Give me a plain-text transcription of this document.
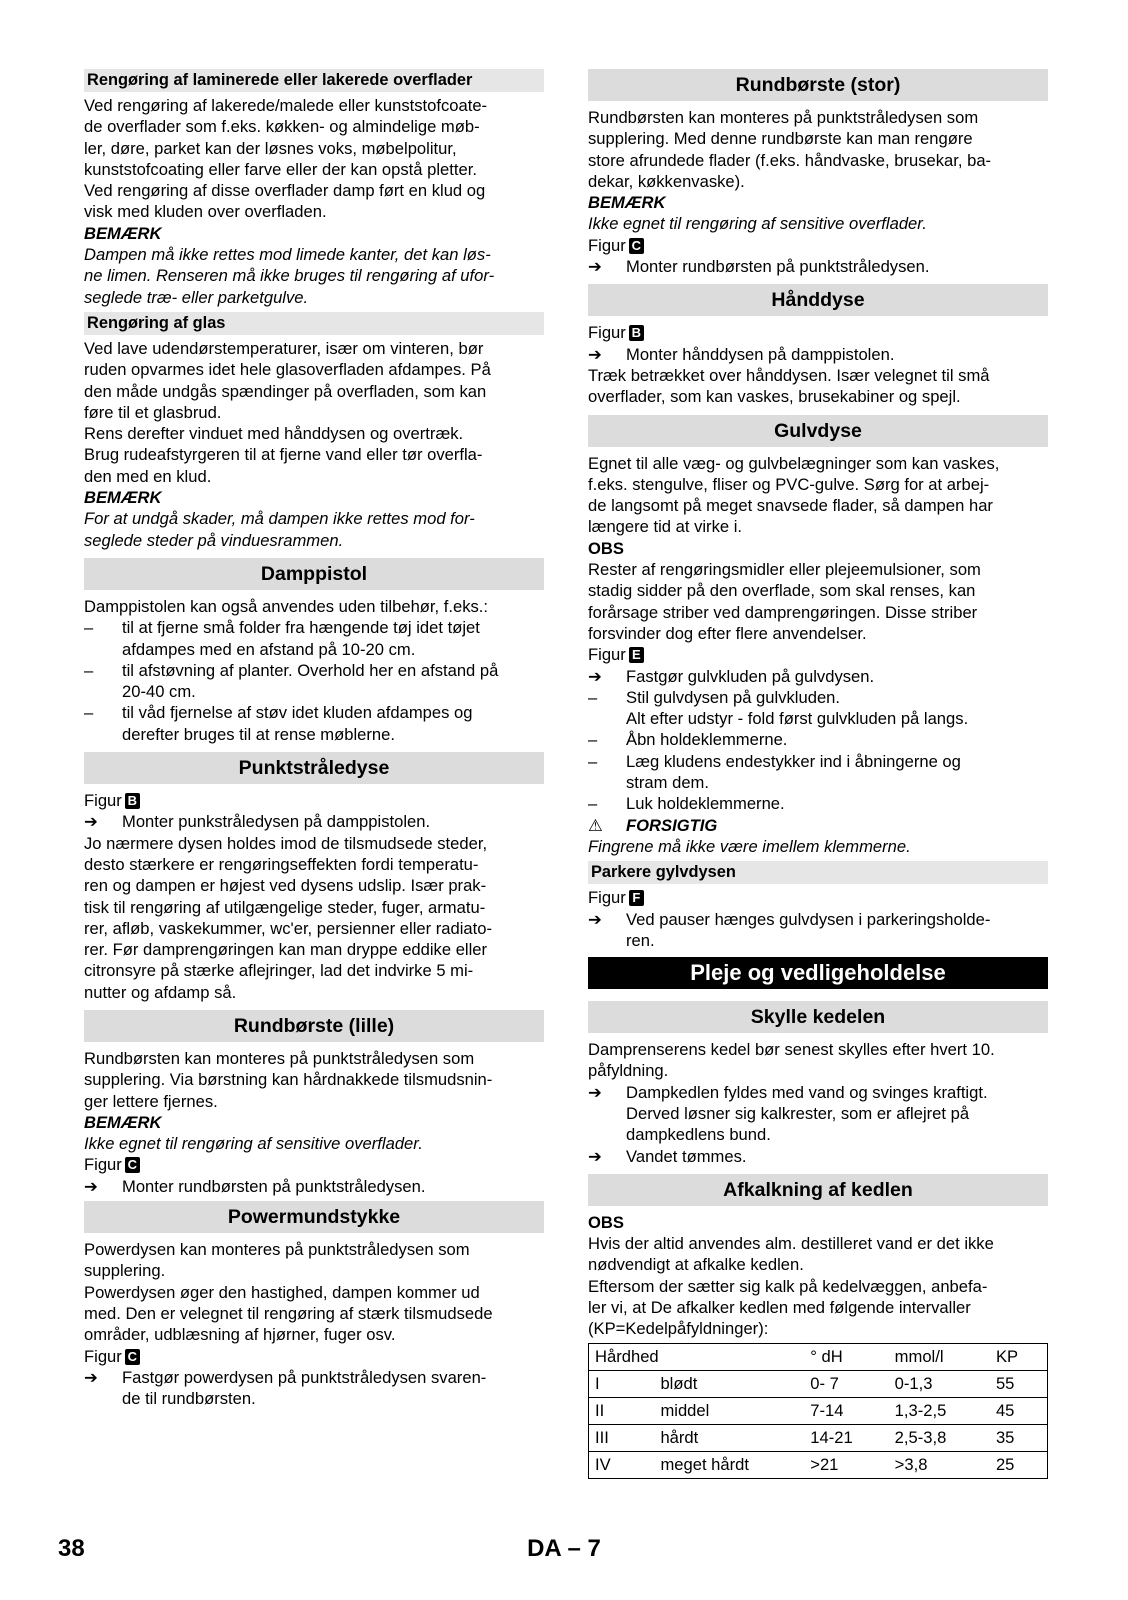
Rengøring af laminerede eller lakerede overflader
Ved rengøring af lakerede/malede eller kunststofcoate-
de overflader som f.eks. køkken- og almindelige møb-
ler, døre, parket kan der løsnes voks, møbelpolitur,
kunststofcoating eller farve eller der kan opstå pletter.
Ved rengøring af disse overflader damp ført en klud og
visk med kluden over overfladen.
BEMÆRK
Dampen må ikke rettes mod limede kanter, det kan løs-
ne limen. Renseren må ikke bruges til rengøring af ufor-
seglede træ- eller parketgulve.
Rengøring af glas
Ved lave udendørstemperaturer, især om vinteren, bør
ruden opvarmes idet hele glasoverfladen afdampes. På
den måde undgås spændinger på overfladen, som kan
føre til et glasbrud.
Rens derefter vinduet med hånddysen og overtræk.
Brug rudeafstyrgeren til at fjerne vand eller tør overfla-
den med en klud.
BEMÆRK
For at undgå skader, må dampen ikke rettes mod for-
seglede steder på vinduesrammen.
Damppistol
Damppistolen kan også anvendes uden tilbehør, f.eks.:
–	til at fjerne små folder fra hængende tøj idet tøjet
afdampes med en afstand på 10-20 cm.
–	til afstøvning af planter. Overhold her en afstand på
20-40 cm.
–	til våd fjernelse af støv idet kluden afdampes og
derefter bruges til at rense møblerne.
Punktstråledyse
Figur B
➔	Monter punkstråledysen på damppistolen.
Jo nærmere dysen holdes imod de tilsmudsede steder,
desto stærkere er rengøringseffekten fordi temperatu-
ren og dampen er højest ved dysens udslip. Især prak-
tisk til rengøring af utilgængelige steder, fuger, armatu-
rer, afløb, vaskekummer, wc'er, persienner eller radiato-
rer. Før damprengøringen kan man dryppe eddike eller
citronsyre på stærke aflejringer, lad det indvirke 5 mi-
nutter og afdamp så.
Rundbørste (lille)
Rundbørsten kan monteres på punktstråledysen som
supplering. Via børstning kan hårdnakkede tilsmudsnin-
ger lettere fjernes.
BEMÆRK
Ikke egnet til rengøring af sensitive overflader.
Figur C
➔	Monter rundbørsten på punktstråledysen.
Powermundstykke
Powerdysen kan monteres på punktstråledysen som
supplering.
Powerdysen øger den hastighed, dampen kommer ud
med. Den er velegnet til rengøring af stærk tilsmudsede
områder, udblæsning af hjørner, fuger osv.
Figur C
➔	Fastgør powerdysen på punktstråledysen svaren-
de til rundbørsten.
Rundbørste (stor)
Rundbørsten kan monteres på punktstråledysen som
supplering. Med denne rundbørste kan man rengøre
store afrundede flader (f.eks. håndvaske, brusekar, ba-
dekar, køkkenvaske).
BEMÆRK
Ikke egnet til rengøring af sensitive overflader.
Figur C
➔	Monter rundbørsten på punktstråledysen.
Hånddyse
Figur B
➔	Monter hånddysen på damppistolen.
Træk betrækket over hånddysen. Især velegnet til små
overflader, som kan vaskes, brusekabiner og spejl.
Gulvdyse
Egnet til alle væg- og gulvbelægninger som kan vaskes,
f.eks. stengulve, fliser og PVC-gulve. Sørg for at arbej-
de langsomt på meget snavsede flader, så dampen har
længere tid at virke i.
OBS
Rester af rengøringsmidler eller plejeemulsioner, som
stadig sidder på den overflade, som skal renses, kan
forårsage striber ved damprengøringen. Disse striber
forsvinder dog efter flere anvendelser.
Figur E
➔	Fastgør gulvkluden på gulvdysen.
–	Stil gulvdysen på gulvkluden.
Alt efter udstyr - fold først gulvkluden på langs.
–	Åbn holdeklemmerne.
–	Læg kludens endestykker ind i åbningerne og
stram dem.
–	Luk holdeklemmerne.
⚠	FORSIGTIG
Fingrene må ikke være imellem klemmerne.
Parkere gylvdysen
Figur F
➔	Ved pauser hænges gulvdysen i parkeringsholde-
ren.
Pleje og vedligeholdelse
Skylle kedelen
Damprenserens kedel bør senest skylles efter hvert 10.
påfyldning.
➔	Dampkedlen fyldes med vand og svinges kraftigt.
Derved løsner sig kalkrester, som er aflejret på
dampkedlens bund.
➔	Vandet tømmes.
Afkalkning af kedlen
OBS
Hvis der altid anvendes alm. destilleret vand er det ikke
nødvendigt at afkalke kedlen.
Eftersom der sætter sig kalk på kedelvæggen, anbefa-
ler vi, at De afkalker kedlen med følgende intervaller
(KP=Kedelpåfyldninger):
Hårdhed		° dH	mmol/l	KP
I	blødt	0- 7	0-1,3	55
II	middel	7-14	1,3-2,5	45
III	hårdt	14-21	2,5-3,8	35
IV	meget hårdt	>21	>3,8	25
38	DA – 7
